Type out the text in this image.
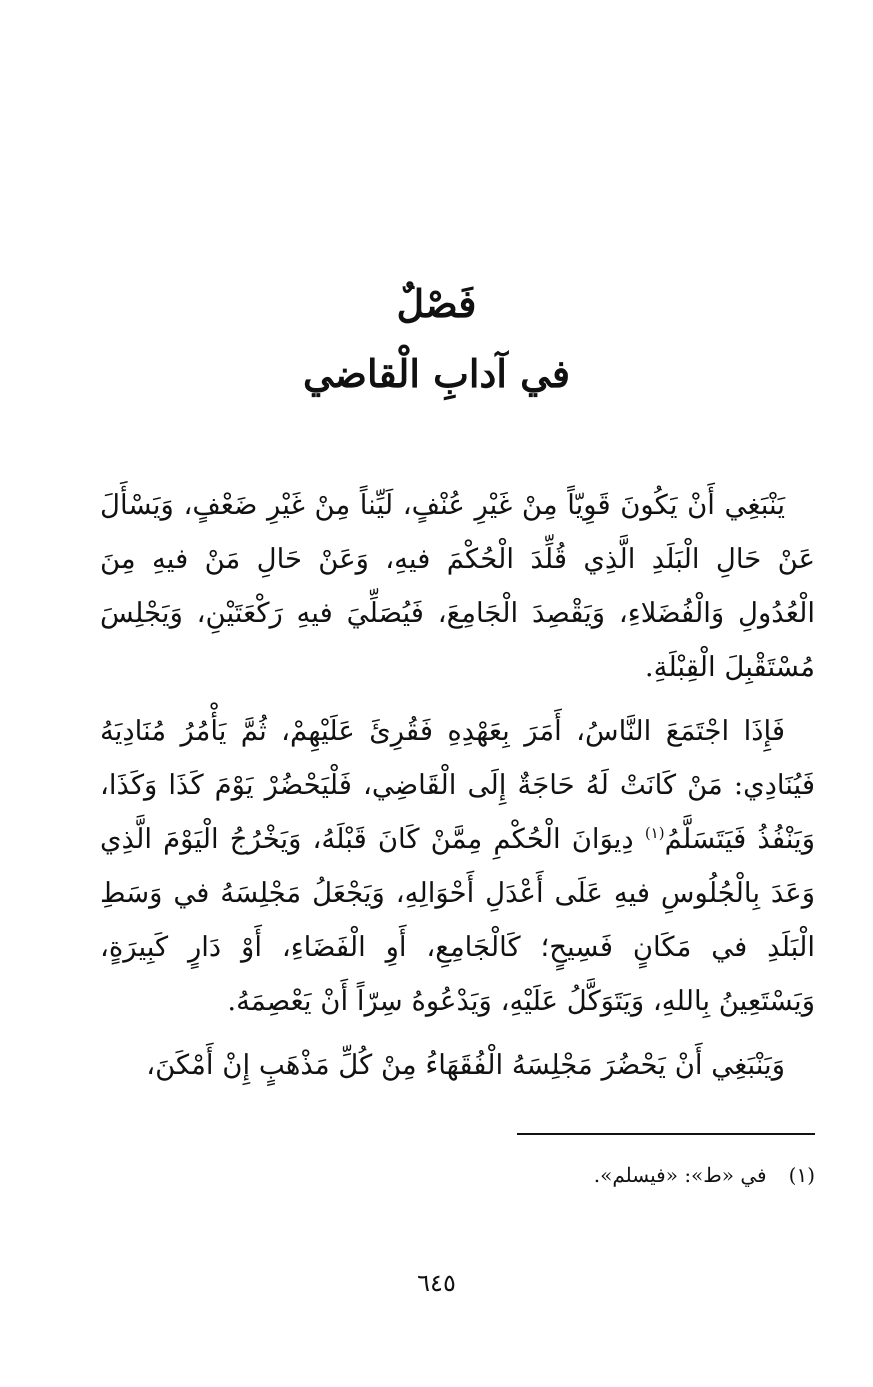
فَصْلٌ
في آدابِ الْقاضي

يَنْبَغِي أَنْ يَكُونَ قَوِيّاً مِنْ غَيْرِ عُنْفٍ، لَيِّناً مِنْ غَيْرِ ضَعْفٍ، وَيَسْأَلَ عَنْ حَالِ الْبَلَدِ الَّذِي قُلِّدَ الْحُكْمَ فيهِ، وَعَنْ حَالِ مَنْ فيهِ مِنَ الْعُدُولِ وَالْفُضَلاءِ، وَيَقْصِدَ الْجَامِعَ، فَيُصَلِّيَ فيهِ رَكْعَتَيْنِ، وَيَجْلِسَ مُسْتَقْبِلَ الْقِبْلَةِ.

فَإِذَا اجْتَمَعَ النَّاسُ، أَمَرَ بِعَهْدِهِ فَقُرِئَ عَلَيْهِمْ، ثُمَّ يَأْمُرُ مُنَادِيَهُ فَيُنَادِي: مَنْ كَانَتْ لَهُ حَاجَةٌ إِلَى الْقَاضِي، فَلْيَحْضُرْ يَوْمَ كَذَا وَكَذَا، وَيَنْفُذُ فَيَتَسَلَّمُ$^{(١)}$ دِيوَانَ الْحُكْمِ مِمَّنْ كَانَ قَبْلَهُ، وَيَخْرُجُ الْيَوْمَ الَّذِي وَعَدَ بِالْجُلُوسِ فيهِ عَلَى أَعْدَلِ أَحْوَالِهِ، وَيَجْعَلُ مَجْلِسَهُ في وَسَطِ الْبَلَدِ في مَكَانٍ فَسِيحٍ؛ كَالْجَامِعِ، أَوِ الْفَضَاءِ، أَوْ دَارٍ كَبِيرَةٍ، وَيَسْتَعِينُ بِاللهِ، وَيَتَوَكَّلُ عَلَيْهِ، وَيَدْعُوهُ سِرّاً أَنْ يَعْصِمَهُ.

وَيَنْبَغِي أَنْ يَحْضُرَ مَجْلِسَهُ الْفُقَهَاءُ مِنْ كُلِّ مَذْهَبٍ إِنْ أَمْكَنَ،

(١)في «ط»: «فيسلم».
٦٤٥
